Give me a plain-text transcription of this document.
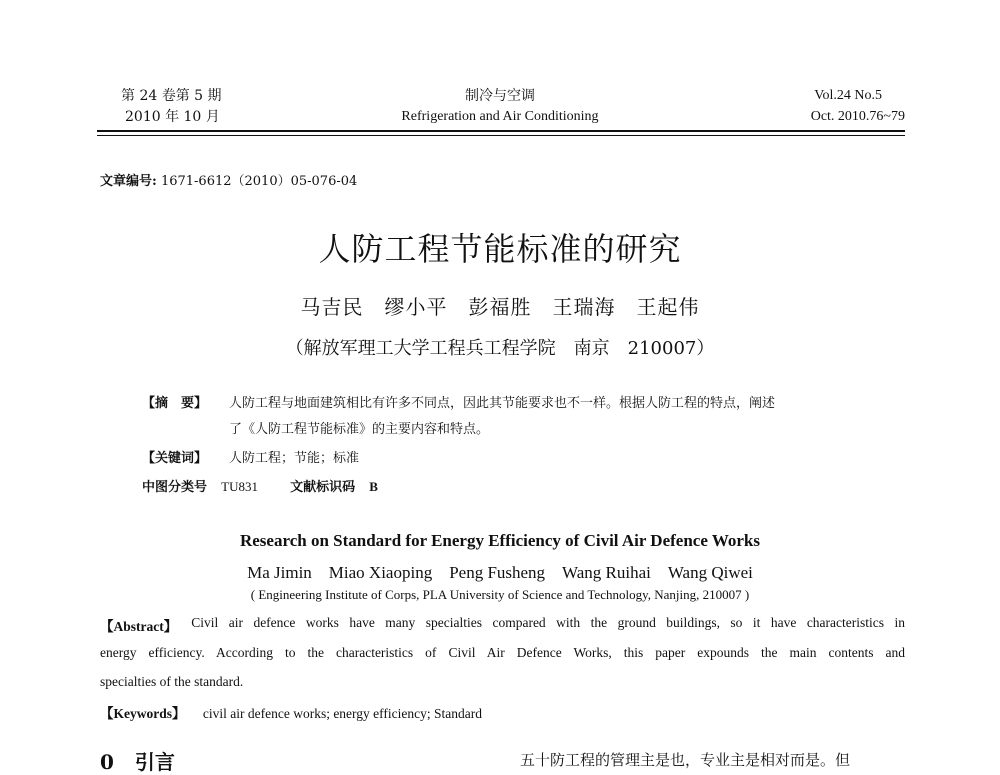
第 24 卷第 5 期
2010 年 10 月
制冷与空调
Refrigeration and Air Conditioning
Vol.24 No.5
Oct. 2010.76~79
文章编号: 1671-6612（2010）05-076-04
人防工程节能标准的研究
马吉民　缪小平　彭福胜　王瑞海　王起伟
（解放军理工大学工程兵工程学院　南京　210007）
【摘　要】 人防工程与地面建筑相比有许多不同点，因此其节能要求也不一样。根据人防工程的特点，阐述
了《人防工程节能标准》的主要内容和特点。
【关键词】 人防工程；节能；标准
中图分类号 TU831 文献标识码 B
Research on Standard for Energy Efficiency of Civil Air Defence Works
Ma Jimin　Miao Xiaoping　Peng Fusheng　Wang Ruihai　Wang Qiwei
( Engineering Institute of Corps, PLA University of Science and Technology, Nanjing, 210007 )
【Abstract】 Civil air defence works have many specialties compared with the ground buildings, so it have characteristics in
energy efficiency. According to the characteristics of Civil Air Defence Works, this paper expounds the main contents and
specialties of the standard.
【Keywords】 civil air defence works; energy efficiency; Standard
0 引言	五十防工程的管理主是也，专业主是相对而是。但
